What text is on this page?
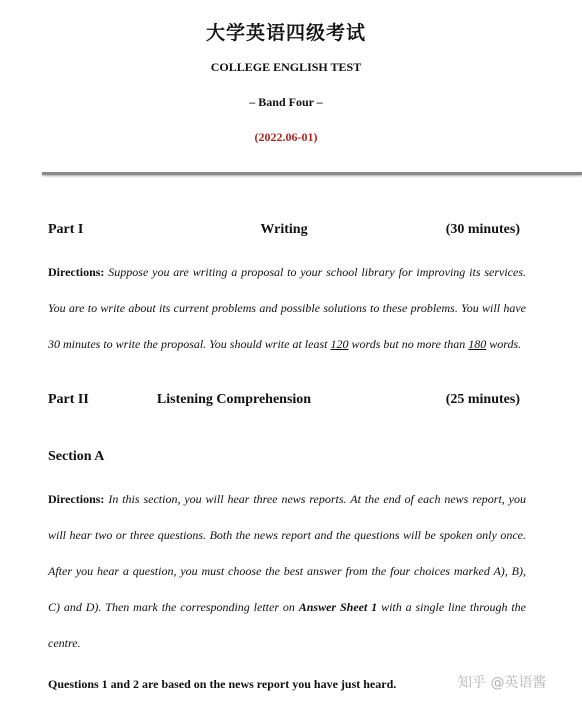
大学英语四级考试
COLLEGE ENGLISH TEST
– Band Four –
(2022.06-01)
Part I	Writing	(30 minutes)
Directions: Suppose you are writing a proposal to your school library for improving its services. You are to write about its current problems and possible solutions to these problems. You will have 30 minutes to write the proposal. You should write at least 120 words but no more than 180 words.
Part II	Listening Comprehension	(25 minutes)
Section A
Directions: In this section, you will hear three news reports. At the end of each news report, you will hear two or three questions. Both the news report and the questions will be spoken only once. After you hear a question, you must choose the best answer from the four choices marked A), B), C) and D). Then mark the corresponding letter on Answer Sheet 1 with a single line through the centre.
Questions 1 and 2 are based on the news report you have just heard.	知乎 @英语酱
